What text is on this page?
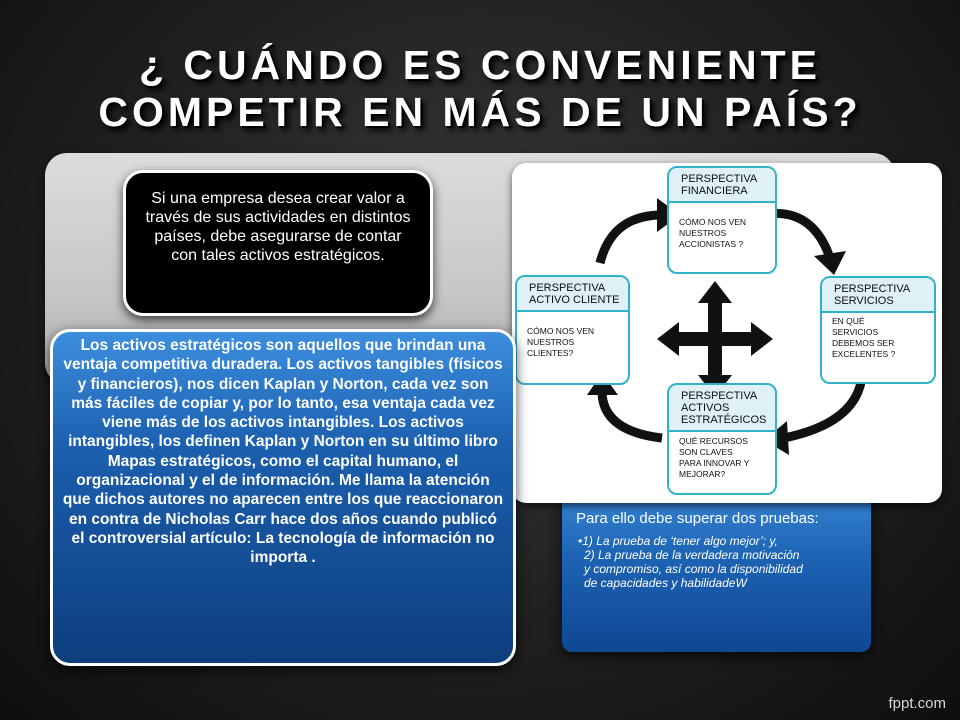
¿ CUÁNDO ES CONVENIENTE
COMPETIR EN MÁS DE UN PAÍS?
Si una empresa desea crear valor a través de sus actividades en distintos países, debe asegurarse de contar con tales activos estratégicos.
Para ello debe superar dos pruebas:
•1) La prueba de ‘tener algo mejor’; y,
2) La prueba de la verdadera motivación
y compromiso, así como la disponibilidad
de capacidades y habilidadeW
PERSPECTIVA
FINANCIERA
CÓMO NOS VEN
NUESTROS
ACCIONISTAS ?
PERSPECTIVA
ACTIVO CLIENTE
CÓMO NOS VEN
NUESTROS
CLIENTES?
PERSPECTIVA
SERVICIOS
EN QUÉ
SERVICIOS
DEBEMOS SER
EXCELENTES ?
PERSPECTIVA
ACTIVOS
ESTRATÉGICOS
QUÉ RECURSOS
SON CLAVES
PARA INNOVAR Y
MEJORAR?
Los activos estratégicos son aquellos que brindan una ventaja competitiva duradera. Los activos tangibles (físicos y financieros), nos dicen Kaplan y Norton, cada vez son más fáciles de copiar y, por lo tanto, esa ventaja cada vez viene más de los activos intangibles. Los activos intangibles, los definen Kaplan y Norton en su último libro Mapas estratégicos, como el capital humano, el organizacional y el de información. Me llama la atención que dichos autores no aparecen entre los que reaccionaron en contra de Nicholas Carr hace dos años cuando publicó el controversial artículo: La tecnología de información no importa .
fppt.com
